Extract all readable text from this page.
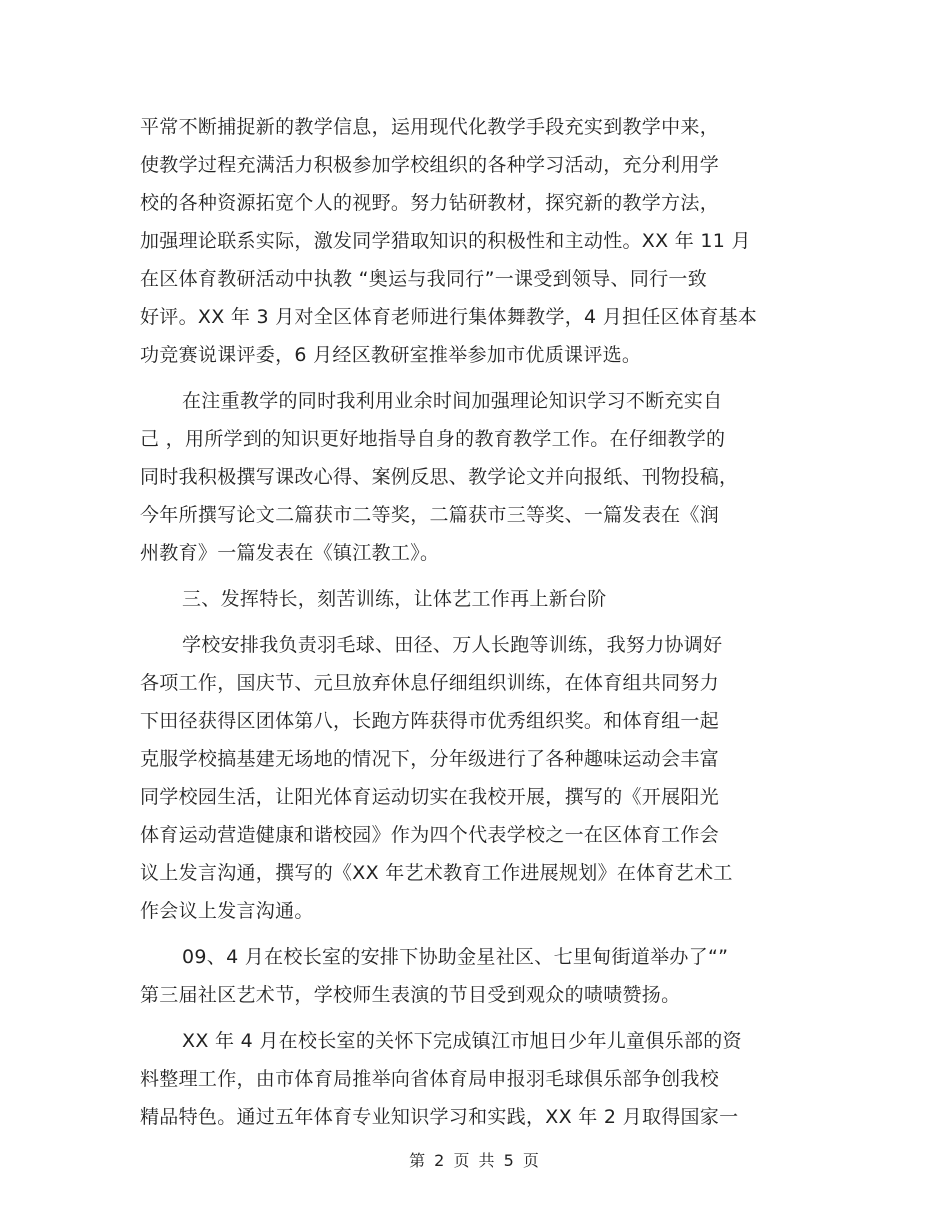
平常不断捕捉新的教学信息，运用现代化教学手段充实到教学中来，
使教学过程充满活力积极参加学校组织的各种学习活动，充分利用学
校的各种资源拓宽个人的视野。努力钻研教材，探究新的教学方法，
加强理论联系实际，激发同学猎取知识的积极性和主动性。XX 年 11 月
在区体育教研活动中执教 “奥运与我同行”一课受到领导、同行一致
好评。XX 年 3 月对全区体育老师进行集体舞教学，4 月担任区体育基本
功竞赛说课评委，6 月经区教研室推举参加市优质课评选。
在注重教学的同时我利用业余时间加强理论知识学习不断充实自
己 ，用所学到的知识更好地指导自身的教育教学工作。在仔细教学的
同时我积极撰写课改心得、案例反思、教学论文并向报纸、刊物投稿，
今年所撰写论文二篇获市二等奖，二篇获市三等奖、一篇发表在《润
州教育》一篇发表在《镇江教工》。
三、发挥特长，刻苦训练，让体艺工作再上新台阶
学校安排我负责羽毛球、田径、万人长跑等训练，我努力协调好
各项工作，国庆节、元旦放弃休息仔细组织训练，在体育组共同努力
下田径获得区团体第八，长跑方阵获得市优秀组织奖。和体育组一起
克服学校搞基建无场地的情况下，分年级进行了各种趣味运动会丰富
同学校园生活，让阳光体育运动切实在我校开展，撰写的《开展阳光
体育运动营造健康和谐校园》作为四个代表学校之一在区体育工作会
议上发言沟通，撰写的《XX 年艺术教育工作进展规划》在体育艺术工
作会议上发言沟通。
09、4 月在校长室的安排下协助金星社区、七里甸街道举办了“”
第三届社区艺术节，学校师生表演的节目受到观众的啧啧赞扬。
XX 年 4 月在校长室的关怀下完成镇江市旭日少年儿童俱乐部的资
料整理工作，由市体育局推举向省体育局申报羽毛球俱乐部争创我校
精品特色。通过五年体育专业知识学习和实践，XX 年 2 月取得国家一
第 2 页 共 5 页
